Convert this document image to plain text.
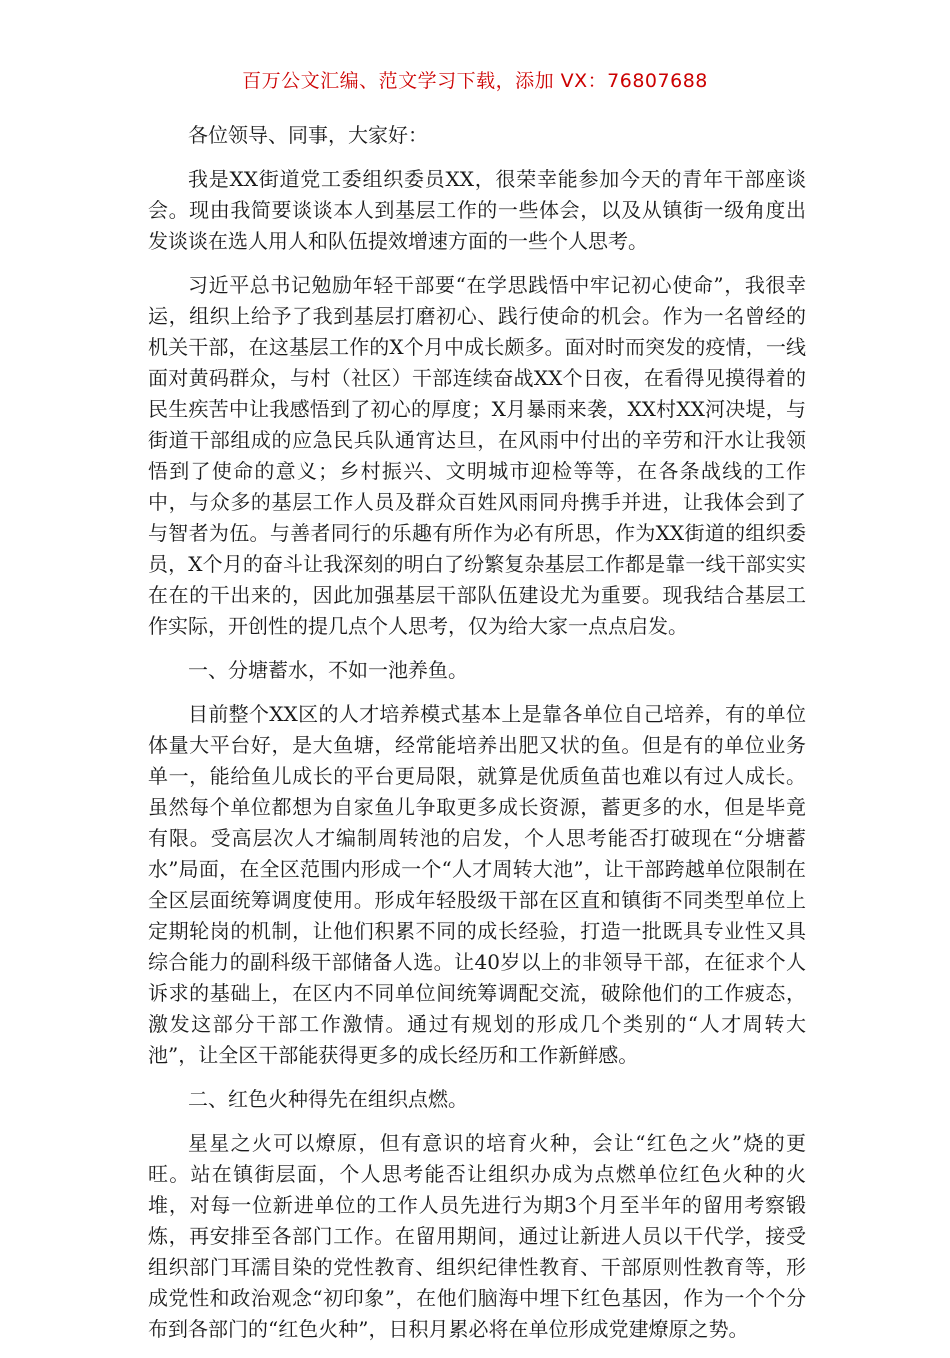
百万公文汇编、范文学习下载，添加 VX：76807688

各位领导、同事，大家好：

我是XX街道党工委组织委员XX，很荣幸能参加今天的青年干部座谈会。现由我简要谈谈本人到基层工作的一些体会，以及从镇街一级角度出发谈谈在选人用人和队伍提效增速方面的一些个人思考。

习近平总书记勉励年轻干部要“在学思践悟中牢记初心使命”，我很幸运，组织上给予了我到基层打磨初心、践行使命的机会。作为一名曾经的机关干部，在这基层工作的X个月中成长颇多。面对时而突发的疫情，一线面对黄码群众，与村（社区）干部连续奋战XX个日夜，在看得见摸得着的民生疾苦中让我感悟到了初心的厚度；X月暴雨来袭，XX村XX河决堤，与街道干部组成的应急民兵队通宵达旦，在风雨中付出的辛劳和汗水让我领悟到了使命的意义；乡村振兴、文明城市迎检等等，在各条战线的工作中，与众多的基层工作人员及群众百姓风雨同舟携手并进，让我体会到了与智者为伍。与善者同行的乐趣有所作为必有所思，作为XX街道的组织委员，X个月的奋斗让我深刻的明白了纷繁复杂基层工作都是靠一线干部实实在在的干出来的，因此加强基层干部队伍建设尤为重要。现我结合基层工作实际，开创性的提几点个人思考，仅为给大家一点点启发。

一、分塘蓄水，不如一池养鱼。

目前整个XX区的人才培养模式基本上是靠各单位自己培养，有的单位体量大平台好，是大鱼塘，经常能培养出肥又状的鱼。但是有的单位业务单一，能给鱼儿成长的平台更局限，就算是优质鱼苗也难以有过人成长。虽然每个单位都想为自家鱼儿争取更多成长资源，蓄更多的水，但是毕竟有限。受高层次人才编制周转池的启发，个人思考能否打破现在“分塘蓄水”局面，在全区范围内形成一个“人才周转大池”，让干部跨越单位限制在全区层面统筹调度使用。形成年轻股级干部在区直和镇街不同类型单位上定期轮岗的机制，让他们积累不同的成长经验，打造一批既具专业性又具综合能力的副科级干部储备人选。让40岁以上的非领导干部，在征求个人诉求的基础上，在区内不同单位间统筹调配交流，破除他们的工作疲态，激发这部分干部工作激情。通过有规划的形成几个类别的“人才周转大池”，让全区干部能获得更多的成长经历和工作新鲜感。

二、红色火种得先在组织点燃。

星星之火可以燎原，但有意识的培育火种，会让“红色之火”烧的更旺。站在镇街层面，个人思考能否让组织办成为点燃单位红色火种的火堆，对每一位新进单位的工作人员先进行为期3个月至半年的留用考察锻炼，再安排至各部门工作。在留用期间，通过让新进人员以干代学，接受组织部门耳濡目染的党性教育、组织纪律性教育、干部原则性教育等，形成党性和政治观念“初印象”，在他们脑海中埋下红色基因，作为一个个分布到各部门的“红色火种”，日积月累必将在单位形成党建燎原之势。
